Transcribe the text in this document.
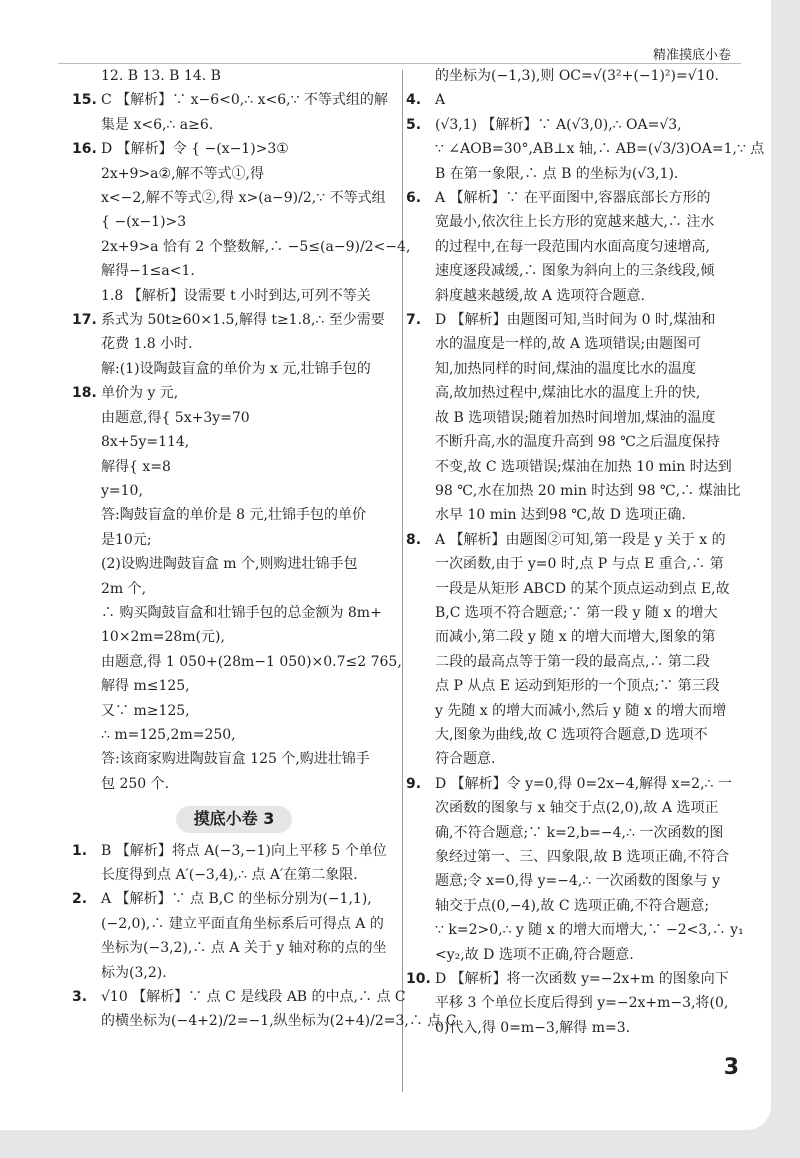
精准摸底小卷
12. B 13. B 14. B
15. C 【解析】∵ x−6<0,∴ x<6,∵ 不等式组的解
集是 x<6,∴ a≥6.
16. D 【解析】令 { −(x−1)>3①
2x+9>a②,解不等式①,得
x<−2,解不等式②,得 x>(a−9)/2,∵ 不等式组
{ −(x−1)>3
2x+9>a 恰有 2 个整数解,∴ −5≤(a−9)/2<−4,
解得−1≤a<1.
1.8 【解析】设需要 t 小时到达,可列不等关
17. 系式为 50t≥60×1.5,解得 t≥1.8,∴ 至少需要
花费 1.8 小时.
解:(1)设陶鼓盲盒的单价为 x 元,壮锦手包的
18. 单价为 y 元,
由题意,得{ 5x+3y=70
8x+5y=114,
解得{ x=8
y=10,
答:陶鼓盲盒的单价是 8 元,壮锦手包的单价
是10元;
(2)设购进陶鼓盲盒 m 个,则购进壮锦手包
2m 个,
∴ 购买陶鼓盲盒和壮锦手包的总金额为 8m+
10×2m=28m(元),
由题意,得 1 050+(28m−1 050)×0.7≤2 765,
解得 m≤125,
又∵ m≥125,
∴ m=125,2m=250,
答:该商家购进陶鼓盲盒 125 个,购进壮锦手
包 250 个.
摸底小卷 3
1. B 【解析】将点 A(−3,−1)向上平移 5 个单位
长度得到点 A′(−3,4),∴ 点 A′在第二象限.
2. A 【解析】∵ 点 B,C 的坐标分别为(−1,1),
(−2,0),∴ 建立平面直角坐标系后可得点 A 的
坐标为(−3,2),∴ 点 A 关于 y 轴对称的点的坐
标为(3,2).
3. √10 【解析】∵ 点 C 是线段 AB 的中点,∴ 点 C
的横坐标为(−4+2)/2=−1,纵坐标为(2+4)/2=3,∴ 点 C
的坐标为(−1,3),则 OC=√(3²+(−1)²)=√10.
4. A
5. (√3,1) 【解析】∵ A(√3,0),∴ OA=√3,
∵ ∠AOB=30°,AB⊥x 轴,∴ AB=(√3/3)OA=1,∵ 点
B 在第一象限,∴ 点 B 的坐标为(√3,1).
6. A 【解析】∵ 在平面图中,容器底部长方形的
宽最小,依次往上长方形的宽越来越大,∴ 注水
的过程中,在每一段范围内水面高度匀速增高,
速度逐段减缓,∴ 图象为斜向上的三条线段,倾
斜度越来越缓,故 A 选项符合题意.
7. D 【解析】由题图可知,当时间为 0 时,煤油和
水的温度是一样的,故 A 选项错误;由题图可
知,加热同样的时间,煤油的温度比水的温度
高,故加热过程中,煤油比水的温度上升的快,
故 B 选项错误;随着加热时间增加,煤油的温度
不断升高,水的温度升高到 98 ℃之后温度保持
不变,故 C 选项错误;煤油在加热 10 min 时达到
98 ℃,水在加热 20 min 时达到 98 ℃,∴ 煤油比
水早 10 min 达到98 ℃,故 D 选项正确.
8. A 【解析】由题图②可知,第一段是 y 关于 x 的
一次函数,由于 y=0 时,点 P 与点 E 重合,∴ 第
一段是从矩形 ABCD 的某个顶点运动到点 E,故
B,C 选项不符合题意;∵ 第一段 y 随 x 的增大
而减小,第二段 y 随 x 的增大而增大,图象的第
二段的最高点等于第一段的最高点,∴ 第二段
点 P 从点 E 运动到矩形的一个顶点;∵ 第三段
y 先随 x 的增大而减小,然后 y 随 x 的增大而增
大,图象为曲线,故 C 选项符合题意,D 选项不
符合题意.
9. D 【解析】令 y=0,得 0=2x−4,解得 x=2,∴ 一
次函数的图象与 x 轴交于点(2,0),故 A 选项正
确,不符合题意;∵ k=2,b=−4,∴ 一次函数的图
象经过第一、三、四象限,故 B 选项正确,不符合
题意;令 x=0,得 y=−4,∴ 一次函数的图象与 y
轴交于点(0,−4),故 C 选项正确,不符合题意;
∵ k=2>0,∴ y 随 x 的增大而增大,∵ −2<3,∴ y₁
<y₂,故 D 选项不正确,符合题意.
10. D 【解析】将一次函数 y=−2x+m 的图象向下
平移 3 个单位长度后得到 y=−2x+m−3,将(0,
0)代入,得 0=m−3,解得 m=3.
3
